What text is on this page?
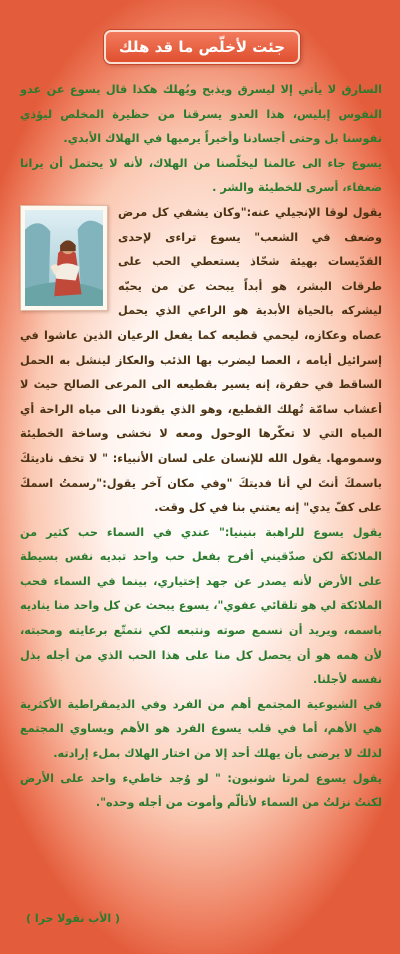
جئت لأخلّص ما قد هلك

السارق لا يأتي إلا ليسرق ويذبح ويُهلك هكذا قال يسوع عن عدو النفوس إبليس، هذا العدو يسرقنا من حظيرة المخلص ليؤذي نفوسنا بل وحتى أجسادنا وأخيراً يرميها في الهلاك الأبدي.

يسوع جاء الى عالمنا ليخلّصنا من الهلاك، لأنه لا يحتمل أن يرانا ضعفاء، أسرى للخطيئة والشر .

يقول لوقا الإنجيلي عنه:"وكان يشفي كل مرض وضعف في الشعب" يسوع تراءى لإحدى القدّيسات بهيئة شحّاذ يستعطي الحب على طرقات البشر، هو أبداً يبحث عن من يحبّه ليشركه بالحياة الأبدية هو الراعي الذي يحمل عصاه وعكازه، ليحمي قطيعه كما يفعل الرعيان الذين عاشوا في إسرائيل أيامه ، العصا ليضرب بها الذئب والعكاز لينشل به الحمل الساقط في حفرة، إنه يسير بقطيعه الى المرعى الصالح حيث لا أعشاب سامّة تُهلك القطيع، وهو الذي يقودنا الى مياه الراحة أي المياه التي لا تعكّرها الوحول ومعه لا نخشى وساخة الخطيئة وسمومها. يقول الله للإنسان على لسان الأنبياء: " لا تخف ناديتكَ باسمكَ أنتَ لي أنا فديتكَ "وفي مكان آخر يقول:"رسمتُ اسمكَ على كفّ يدي" إنه يعتني بنا في كل وقت.

يقول يسوع للراهبة بنينيا:" عندي في السماء حب كثير من الملائكة لكن صدّقيني أفرح بفعل حب واحد تبديه نفس بسيطة على الأرض لأنه يصدر عن جهد إختياري، بينما في السماء فحب الملائكة لي هو تلقائي عفوي"، يسوع يبحث عن كل واحد منا يناديه باسمه، ويريد أن نسمع صوته ونتبعه لكي نتمتّع برعايته ومحبته، لأن همه هو أن يحصل كل منا على هذا الحب الذي من أجله بذل نفسه لأجلنا.

في الشيوعية المجتمع أهم من الفرد وفي الديمقراطية الأكثرية هي الأهم، أما في قلب يسوع الفرد هو الأهم ويساوي المجتمع لذلك لا يرضى بأن يهلك أحد إلا من اختار الهلاك بملء إرادته.

يقول يسوع لمرتا شونبون: " لو وُجد خاطيء واحد على الأرض لكنتُ نزلتُ من السماء لأتألّم وأموت من أجله وحده".

( الأب نقولا حرا )
